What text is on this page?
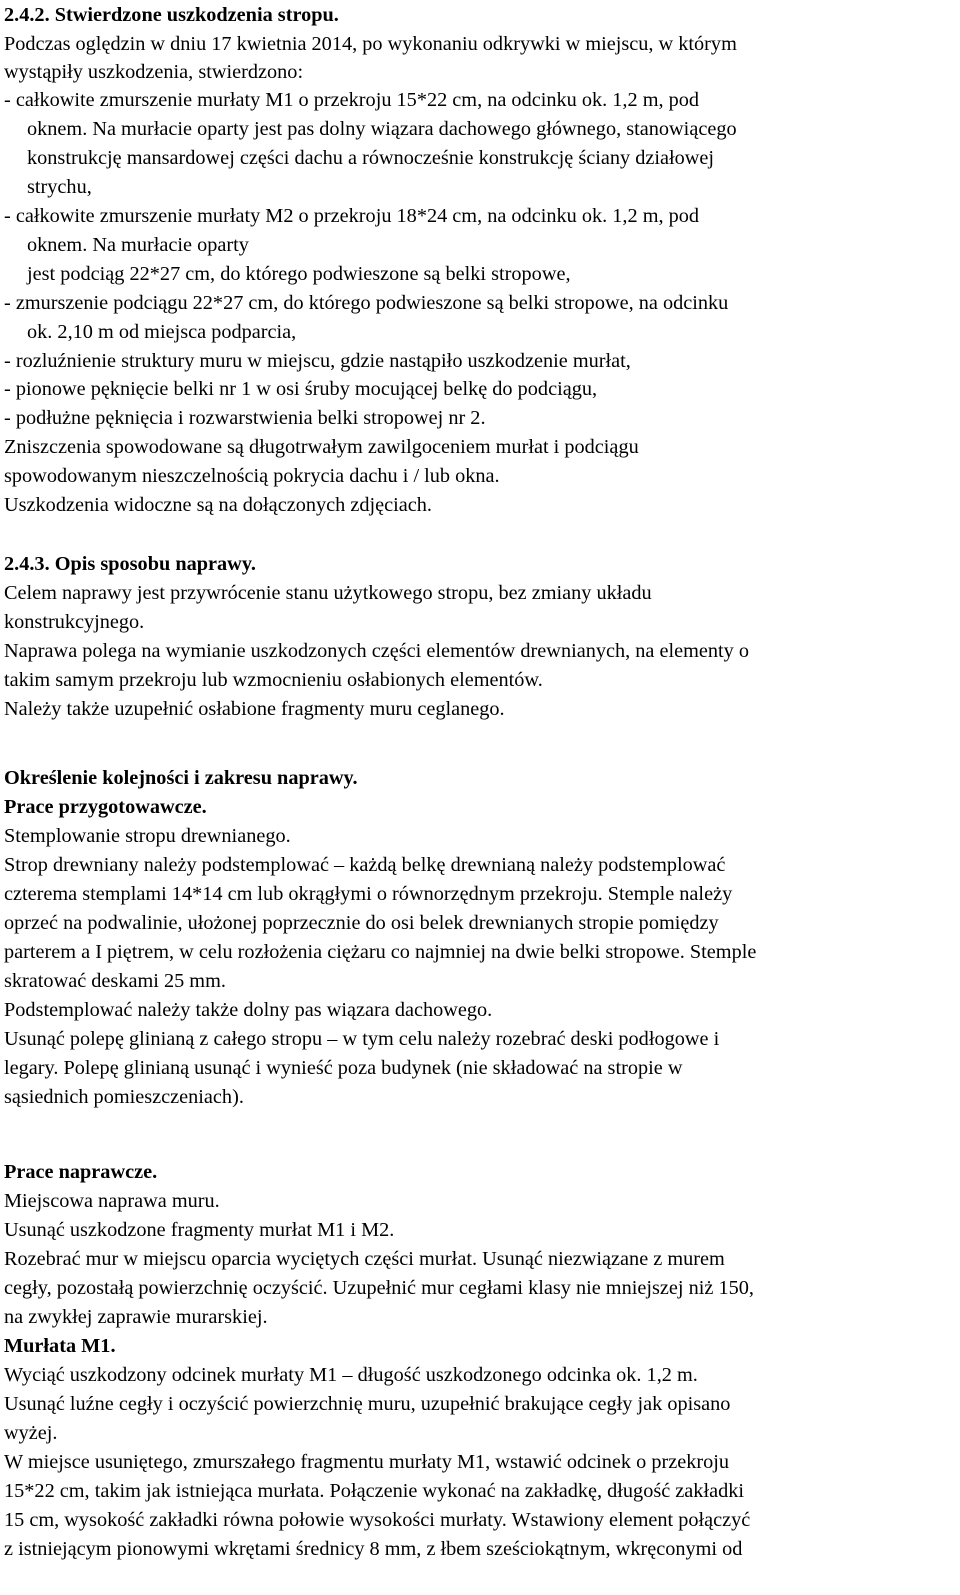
2.4.2. Stwierdzone uszkodzenia stropu.
Podczas oględzin w dniu 17 kwietnia 2014, po wykonaniu odkrywki w miejscu, w którym
wystąpiły uszkodzenia, stwierdzono:
- całkowite zmurszenie murłaty M1 o przekroju 15*22 cm, na odcinku ok. 1,2 m, pod
oknem. Na murłacie oparty jest pas dolny wiązara dachowego głównego, stanowiącego
konstrukcję mansardowej części dachu a równocześnie konstrukcję ściany działowej
strychu,
- całkowite zmurszenie murłaty M2 o przekroju 18*24 cm, na odcinku ok. 1,2 m, pod
oknem. Na murłacie oparty
jest podciąg 22*27 cm, do którego podwieszone są belki stropowe,
- zmurszenie podciągu 22*27 cm, do którego podwieszone są belki stropowe, na odcinku
ok. 2,10 m od miejsca podparcia,
- rozluźnienie struktury muru w miejscu, gdzie nastąpiło uszkodzenie murłat,
- pionowe pęknięcie belki nr 1 w osi śruby mocującej belkę do podciągu,
- podłużne pęknięcia i rozwarstwienia belki stropowej nr 2.
Zniszczenia spowodowane są długotrwałym zawilgoceniem murłat i podciągu
spowodowanym nieszczelnością pokrycia dachu i / lub okna.
Uszkodzenia widoczne są na dołączonych zdjęciach.
2.4.3. Opis sposobu naprawy.
Celem naprawy jest przywrócenie stanu użytkowego stropu, bez zmiany układu
konstrukcyjnego.
Naprawa polega na wymianie uszkodzonych części elementów drewnianych, na elementy o
takim samym przekroju lub wzmocnieniu osłabionych elementów.
Należy także uzupełnić osłabione fragmenty muru ceglanego.
Określenie kolejności i zakresu naprawy.
Prace przygotowawcze.
Stemplowanie stropu drewnianego.
Strop drewniany należy podstemplować – każdą belkę drewnianą należy podstemplować
czterema stemplami 14*14 cm lub okrągłymi o równorzędnym przekroju. Stemple należy
oprzeć na podwalinie, ułożonej poprzecznie do osi belek drewnianych stropie pomiędzy
parterem a I piętrem, w celu rozłożenia ciężaru co najmniej na dwie belki stropowe. Stemple
skratować deskami 25 mm.
Podstemplować należy także dolny pas wiązara dachowego.
Usunąć polepę glinianą z całego stropu – w tym celu należy rozebrać deski podłogowe i
legary. Polepę glinianą usunąć i wynieść poza budynek (nie składować na stropie w
sąsiednich pomieszczeniach).
Prace naprawcze.
Miejscowa naprawa muru.
Usunąć uszkodzone fragmenty murłat M1 i M2.
Rozebrać mur w miejscu oparcia wyciętych części murłat. Usunąć niezwiązane z murem
cegły, pozostałą powierzchnię oczyścić. Uzupełnić mur cegłami klasy nie mniejszej niż 150,
na zwykłej zaprawie murarskiej.
Murłata M1.
Wyciąć uszkodzony odcinek murłaty M1 – długość uszkodzonego odcinka ok. 1,2 m.
Usunąć luźne cegły i oczyścić powierzchnię muru, uzupełnić brakujące cegły jak opisano
wyżej.
W miejsce usuniętego, zmurszałego fragmentu murłaty M1, wstawić odcinek o przekroju
15*22 cm, takim jak istniejąca murłata. Połączenie wykonać na zakładkę, długość zakładki
15 cm, wysokość zakładki równa połowie wysokości murłaty. Wstawiony element połączyć
z istniejącym pionowymi wkrętami średnicy 8 mm, z łbem sześciokątnym, wkręconymi od
